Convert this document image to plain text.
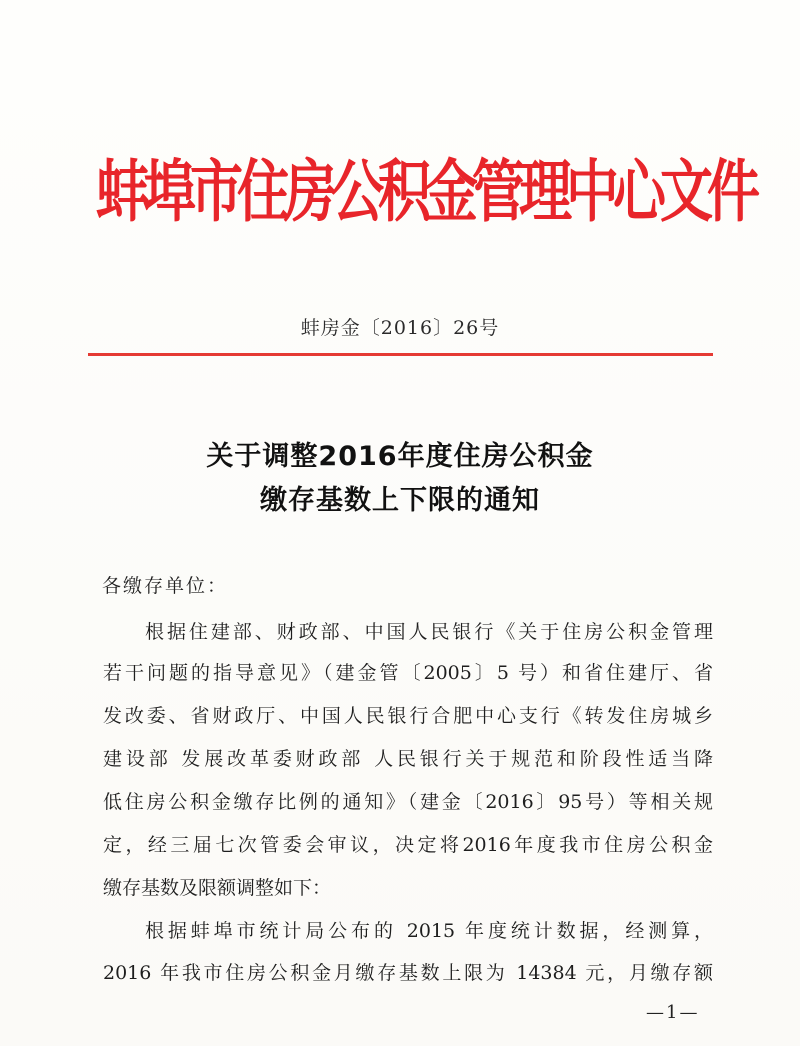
蚌埠市住房公积金管理中心文件
蚌房金〔2016〕26号
关于调整2016年度住房公积金
缴存基数上下限的通知
各缴存单位：
根据住建部、财政部、中国人民银行《关于住房公积金管理
若干问题的指导意见》（建金管〔2005〕5 号）和省住建厅、省
发改委、省财政厅、中国人民银行合肥中心支行《转发住房城乡
建设部 发展改革委财政部 人民银行关于规范和阶段性适当降
低住房公积金缴存比例的通知》（建金〔2016〕95号）等相关规
定，经三届七次管委会审议，决定将2016年度我市住房公积金
缴存基数及限额调整如下：
根据蚌埠市统计局公布的 2015 年度统计数据，经测算，
2016 年我市住房公积金月缴存基数上限为 14384 元，月缴存额
—1—
